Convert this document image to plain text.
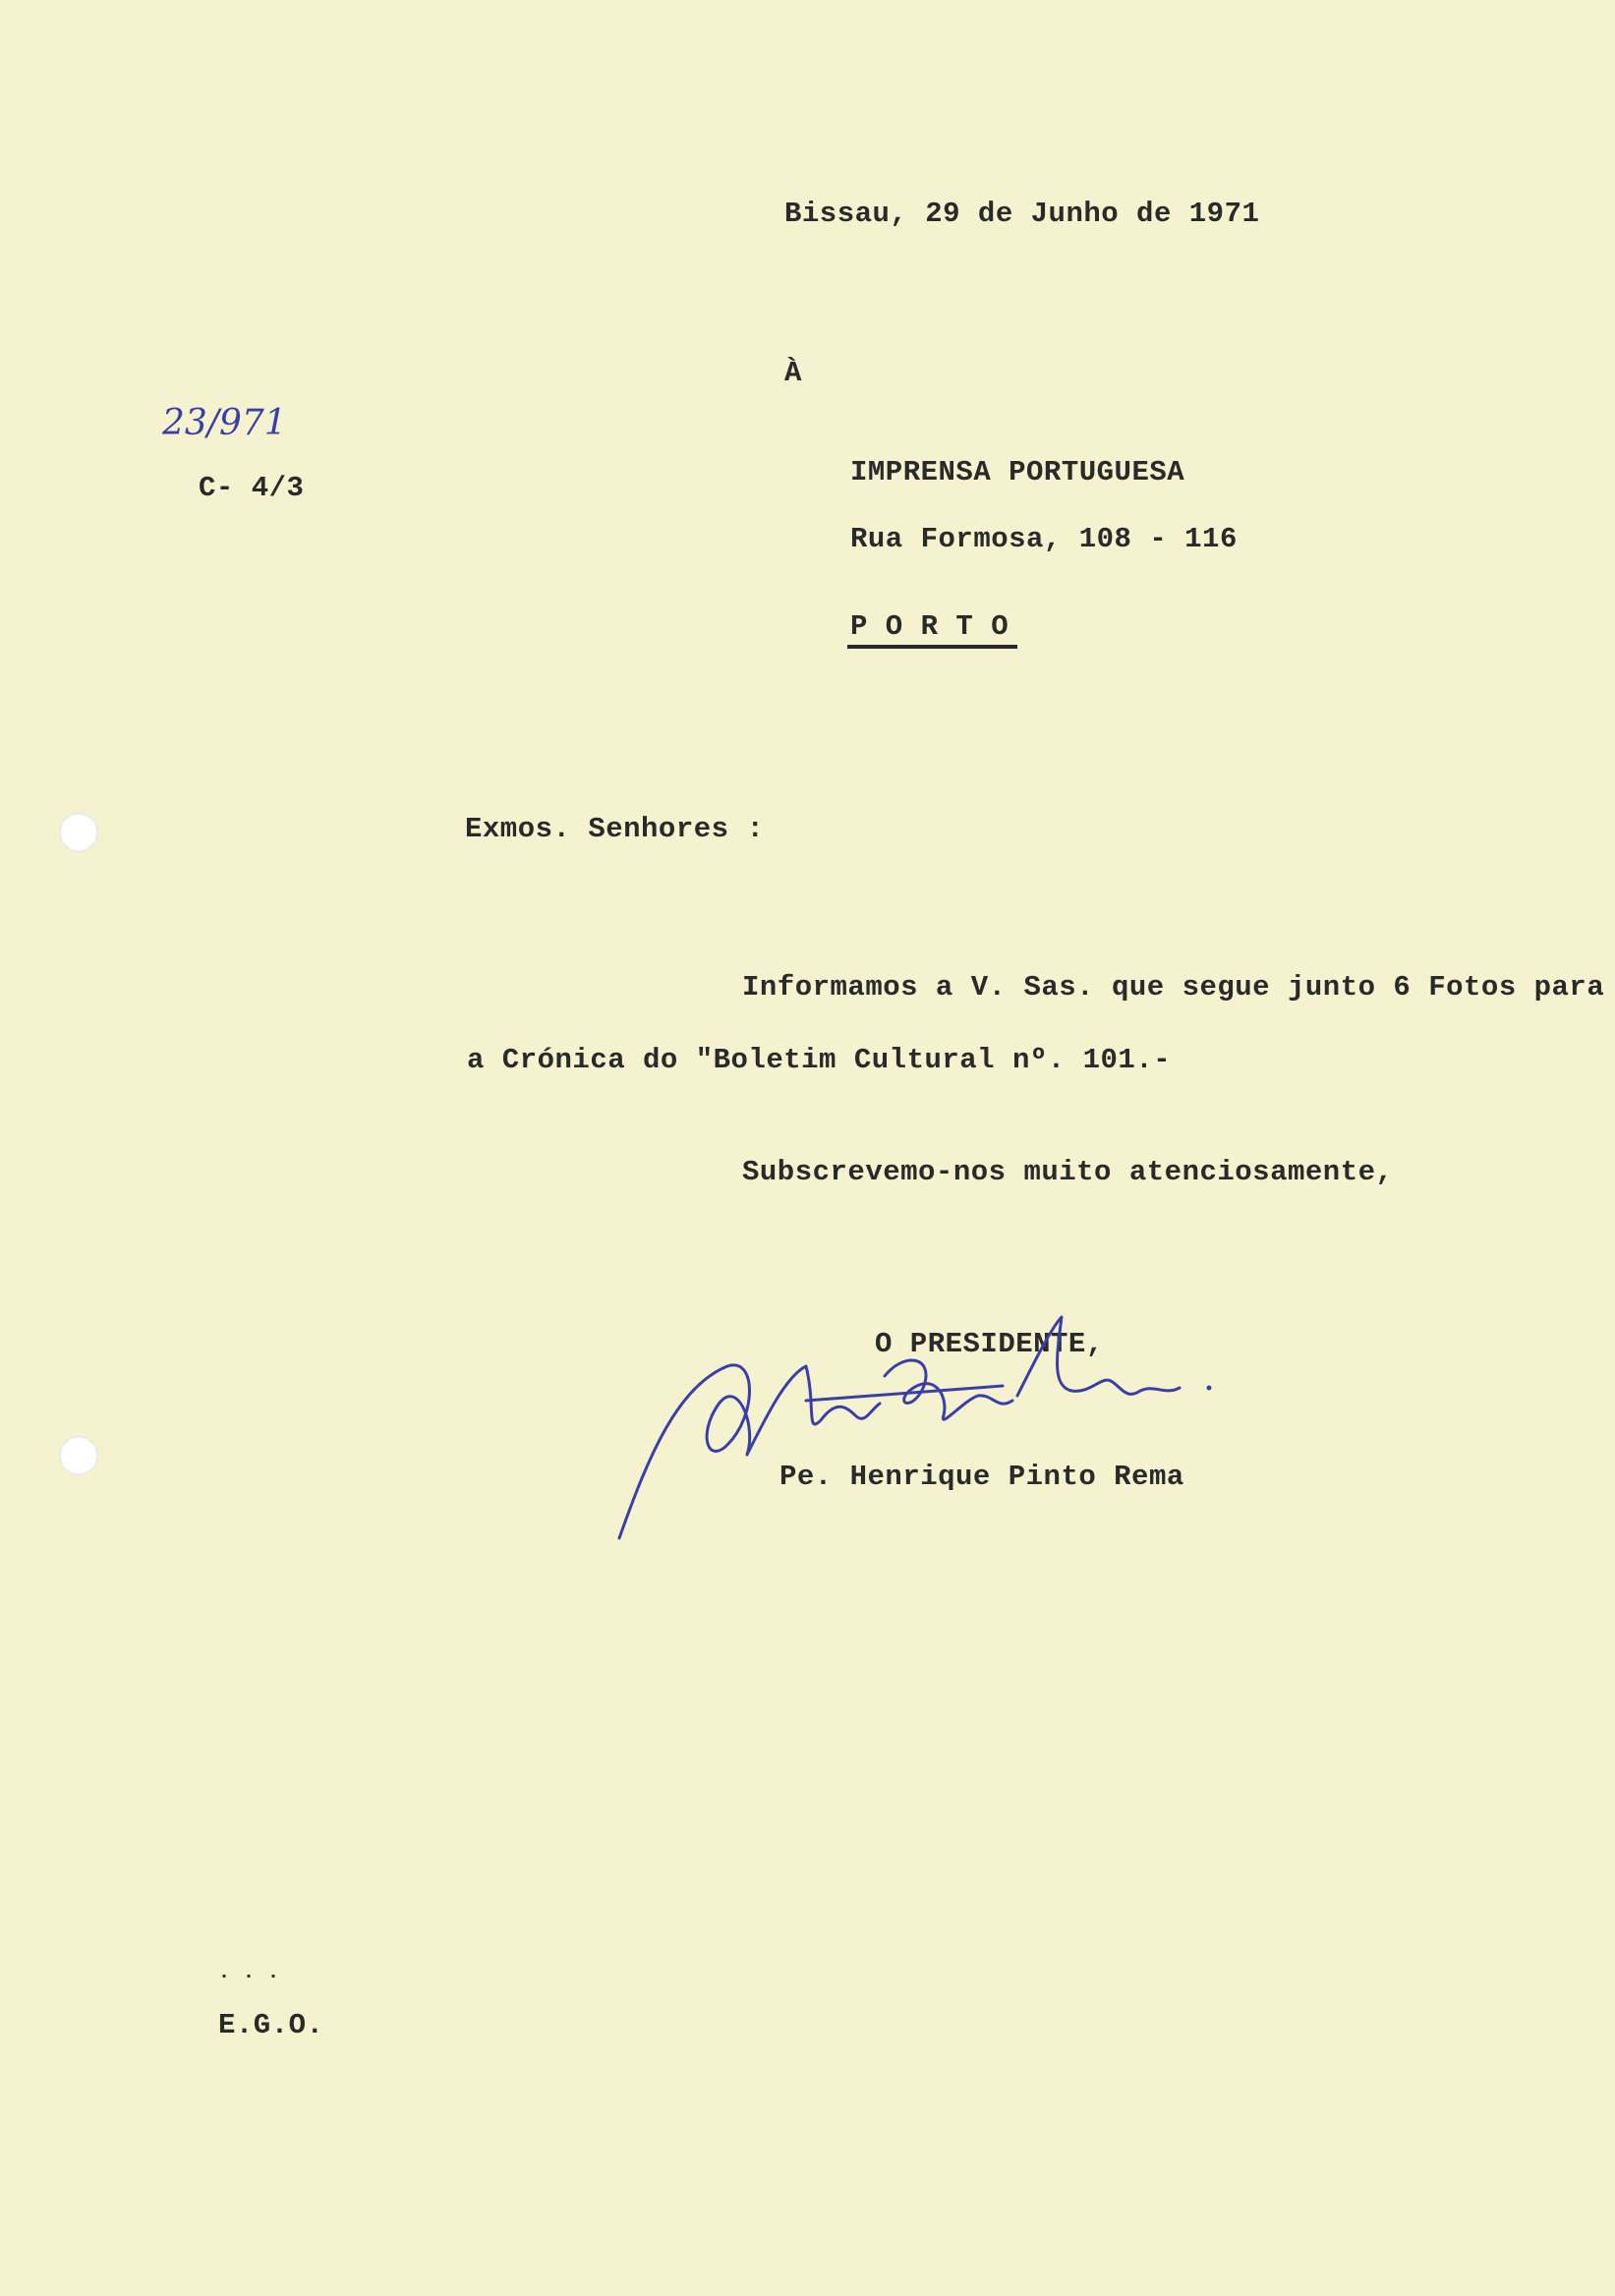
Bissau, 29 de Junho de 1971
À
23/971
C- 4/3	IMPRENSA PORTUGUESA
Rua Formosa, 108 - 116
P O R T O
Exmos. Senhores :
Informamos a V. Sas. que segue junto 6 Fotos para
a Crónica do "Boletim Cultural nº. 101.-
Subscrevemo-nos muito atenciosamente,
O PRESIDENTE,
Pe. Henrique Pinto Rema
. . .
E.G.O.
